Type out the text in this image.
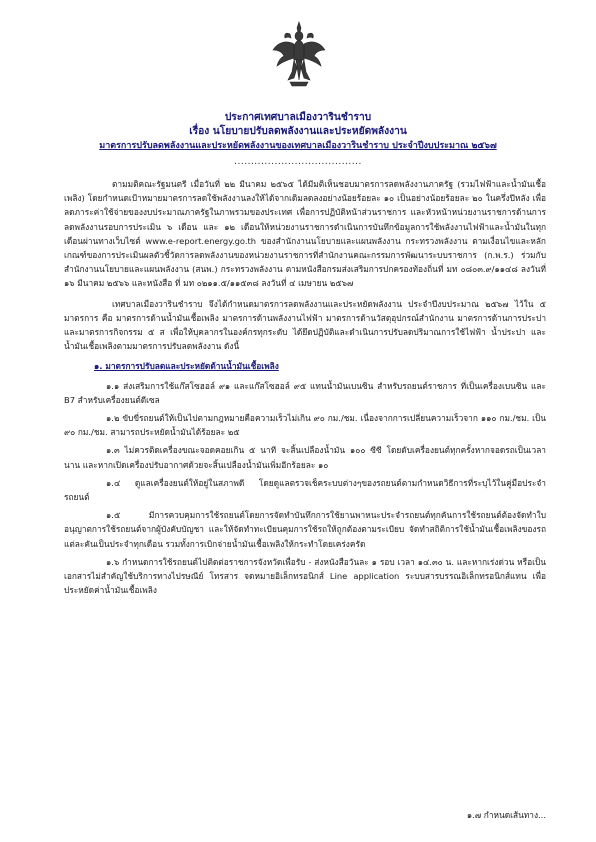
ประกาศเทศบาลเมืองวารินชำราบ
เรื่อง นโยบายปรับลดพลังงานและประหยัดพลังงาน
มาตรการปรับลดพลังงานและประหยัดพลังงานของเทศบาลเมืองวารินชำราบ ประจำปีงบประมาณ ๒๕๖๗
......................................

ตามมติคณะรัฐมนตรี เมื่อวันที่ ๒๒ มีนาคม ๒๕๖๕ ได้มีมติเห็นชอบมาตรการลดพลังงานภาครัฐ (รวมไฟฟ้าและน้ำมันเชื้อเพลิง) โดยกำหนดเป้าหมายมาตรการลดใช้พลังงานลงให้ได้จากเดิมลดลงอย่างน้อยร้อยละ ๑๐ เป็นอย่างน้อยร้อยละ ๒๐ ในครึ่งปีหลัง เพื่อลดภาระค่าใช้จ่ายของงบประมาณภาครัฐในภาพรวมของประเทศ เพื่อการปฏิบัติหน้าส่วนราชการ และหัวหน้าหน่วยงานราชการด้านการลดพลังงานรอบการประเมิน ๖ เดือน และ ๑๒ เดือนให้หน่วยงานราชการดำเนินการบันทึกข้อมูลการใช้พลังงานไฟฟ้าและน้ำมันในทุกเดือนผ่านทางเว็บไซต์ www.e-report.energy.go.th ของสำนักงานนโยบายและแผนพลังงาน กระทรวงพลังงาน ตามเงื่อนไขและหลักเกณฑ์ของการประเมินผลตัวชี้วัดการลดพลังงานของหน่วยงานราชการที่สำนักงานคณะกรรมการพัฒนาระบบราชการ (ก.พ.ร.) ร่วมกับ สำนักงานนโยบายและแผนพลังงาน (สนพ.) กระทรวงพลังงาน ตามหนังสือกรมส่งเสริมการปกครองท้องถิ่นที่ มท ๐๘๐๓.๙/๑๑๔๘ ลงวันที่ ๑๖ มีนาคม ๒๕๖๖ และหนังสือ ที่ มท ๐๒๑๑.๕/๑๑๕๓๘ ลงวันที่ ๔ เมษายน ๒๕๖๗

เทศบาลเมืองวารินชำราบ จึงได้กำหนดมาตรการลดพลังงานและประหยัดพลังงาน ประจำปีงบประมาณ ๒๕๖๗ ไว้ใน ๕ มาตรการ คือ มาตรการด้านน้ำมันเชื้อเพลิง มาตรการด้านพลังงานไฟฟ้า มาตรการด้านวัสดุอุปกรณ์สำนักงาน มาตรการด้านการประปา และมาตรการกิจกรรม ๕ ส เพื่อให้บุคลากรในองค์กรทุกระดับ ได้ยึดปฏิบัติและดำเนินการปรับลดปริมาณการใช้ไฟฟ้า น้ำประปา และน้ำมันเชื้อเพลิงตามมาตรการปรับลดพลังงาน ดังนี้

๑. มาตรการปรับลดและประหยัดด้านน้ำมันเชื้อเพลิง

๑.๑ ส่งเสริมการใช้แก๊สโซฮอล์ ๙๑ และแก๊สโซฮอล์ ๙๕ แทนน้ำมันเบนซิน สำหรับรถยนต์ราชการ ที่เป็นเครื่องเบนซิน และ B7 สำหรับเครื่องยนต์ดีเซล

๑.๒ ขับขี่รถยนต์ให้เป็นไปตามกฎหมายคือความเร็วไม่เกิน ๙๐ กม./ชม. เนื่องจากการเปลี่ยนความเร็วจาก ๑๑๐ กม./ชม. เป็น ๙๐ กม./ชม. สามารถประหยัดน้ำมันได้ร้อยละ ๒๕

๑.๓ ไม่ควรติดเครื่องขณะจอดคอยเกิน ๕ นาที จะสิ้นเปลืองน้ำมัน ๑๐๐ ซีซี โดยดับเครื่องยนต์ทุกครั้งหากจอดรถเป็นเวลานาน และหากเปิดเครื่องปรับอากาศด้วยจะสิ้นเปลืองน้ำมันเพิ่มอีกร้อยละ ๑๐

๑.๔ ดูแลเครื่องยนต์ให้อยู่ในสภาพดี โดยดูแลตรวจเช็คระบบต่างๆของรถยนต์ตามกำหนดวิธีการที่ระบุไว้ในคู่มือประจำรถยนต์

๑.๕ มีการควบคุมการใช้รถยนต์โดยการจัดทำบันทึกการใช้ยานพาหนะประจำรถยนต์ทุกคันการใช้รถยนต์ต้องจัดทำใบอนุญาตการใช้รถยนต์จากผู้บังคับบัญชา และให้จัดทำทะเบียนคุมการใช้รถให้ถูกต้องตามระเบียบ จัดทำสถิติการใช้น้ำมันเชื้อเพลิงของรถแต่ละคันเป็นประจำทุกเดือน รวมทั้งการเบิกจ่ายน้ำมันเชื้อเพลิงให้กระทำโดยเคร่งครัด

๑.๖ กำหนดการใช้รถยนต์ไปติดต่อราชการจังหวัดเพื่อรับ - ส่งหนังสือวันละ ๑ รอบ เวลา ๑๔.๓๐ น. และหากเร่งด่วน หรือเป็นเอกสารไม่สำคัญใช้บริการทางไปรษณีย์ โทรสาร จดหมายอิเล็กทรอนิกส์ Line application ระบบสารบรรณอิเล็กทรอนิกส์แทน เพื่อประหยัดค่าน้ำมันเชื้อเพลิง

๑.๗ กำหนดเส้นทาง...
